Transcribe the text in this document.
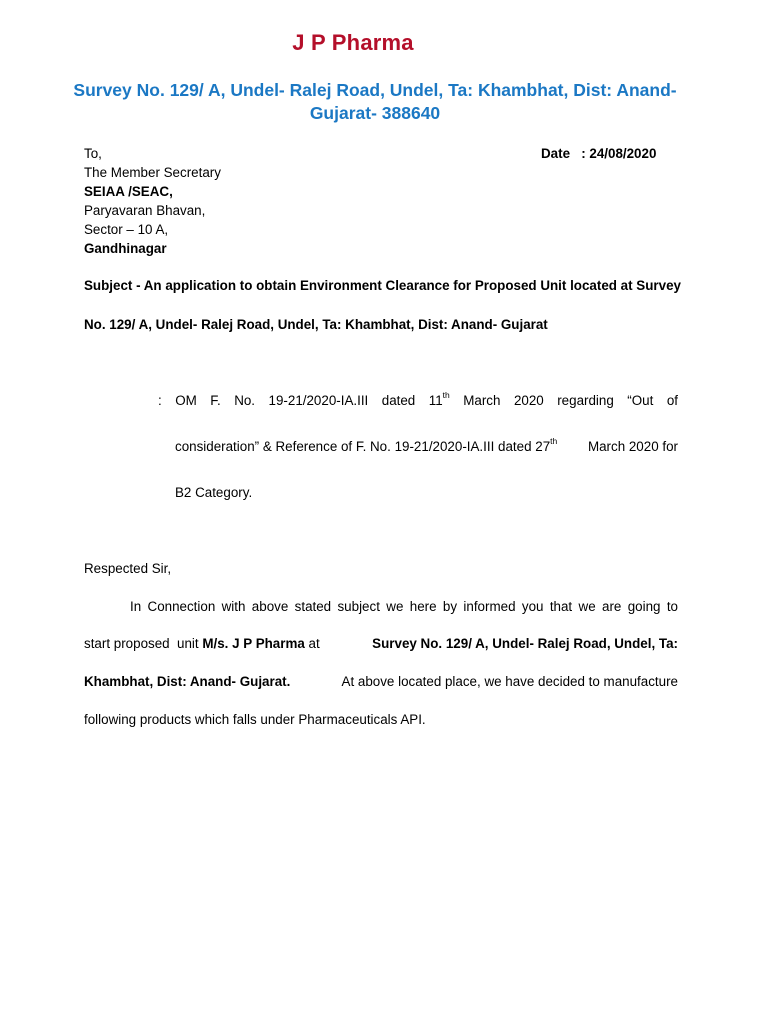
J P Pharma
Survey No. 129/ A, Undel- Ralej Road, Undel, Ta: Khambhat, Dist: Anand-
Gujarat- 388640
To,
The Member Secretary
SEIAA /SEAC,
Paryavaran Bhavan,
Sector – 10 A,
Gandhinagar
Date : 24/08/2020
Subject - An application to obtain Environment Clearance for Proposed Unit located at Survey
No. 129/ A, Undel- Ralej Road, Undel, Ta: Khambhat, Dist: Anand- Gujarat
: OM F. No. 19-21/2020-IA.III dated 11th March 2020 regarding “Out of
consideration” & Reference of F. No. 19-21/2020-IA.III dated 27th March 2020 for
B2 Category.
Respected Sir,
In Connection with above stated subject we here by informed you that we are going to
start proposed  unit M/s. J P Pharma at	Survey No. 129/ A, Undel- Ralej Road, Undel, Ta:
Khambhat, Dist: Anand- Gujarat.	At above located place, we have decided to manufacture
following products which falls under Pharmaceuticals API.
